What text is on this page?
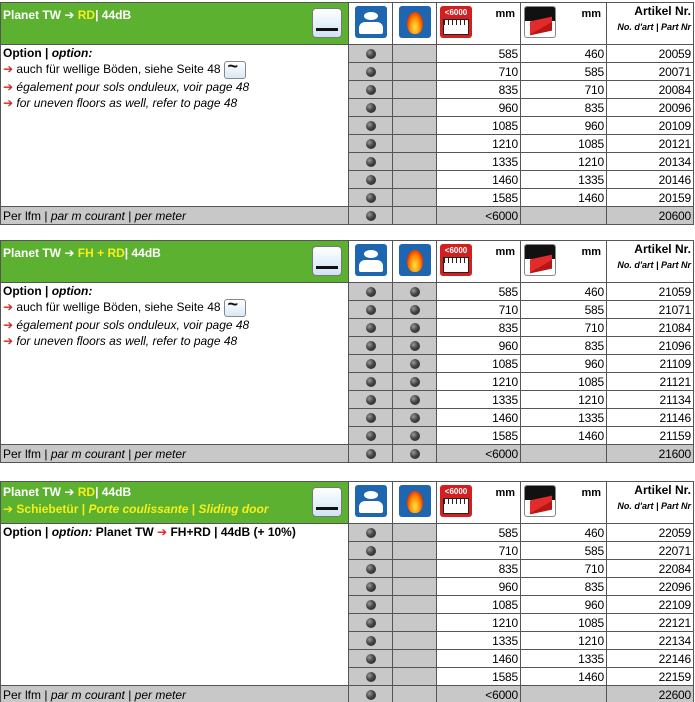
Planet TW ➔ RD| 44dB			<6000 mm	mm	Artikel Nr.
No. d'art | Part Nr

Option | option:
➔ auch für wellige Böden, siehe Seite 48~
➔ également pour sols onduleux, voir page 48
➔ for uneven floors as well, refer to page 48			585	460	20059
			710	585	20071
			835	710	20084
			960	835	20096
			1085	960	20109
			1210	1085	20121
			1335	1210	20134
			1460	1335	20146
			1585	1460	20159
Per lfm | par m courant | per meter			<6000		20600
Planet TW ➔ FH + RD| 44dB			<6000 mm	mm	Artikel Nr.
No. d'art | Part Nr

Option | option:
➔ auch für wellige Böden, siehe Seite 48~
➔ également pour sols onduleux, voir page 48
➔ for uneven floors as well, refer to page 48			585	460	21059
			710	585	21071
			835	710	21084
			960	835	21096
			1085	960	21109
			1210	1085	21121
			1335	1210	21134
			1460	1335	21146
			1585	1460	21159
Per lfm | par m courant | per meter			<6000		21600
Planet TW ➔ RD| 44dB
➔ Schiebetür | Porte coulissante | Sliding door			<6000 mm	mm	Artikel Nr.
No. d'art | Part Nr

Option | option: Planet TW ➔ FH+RD | 44dB (+ 10%)			585	460	22059
			710	585	22071
			835	710	22084
			960	835	22096
			1085	960	22109
			1210	1085	22121
			1335	1210	22134
			1460	1335	22146
			1585	1460	22159
Per lfm | par m courant | per meter			<6000		22600
